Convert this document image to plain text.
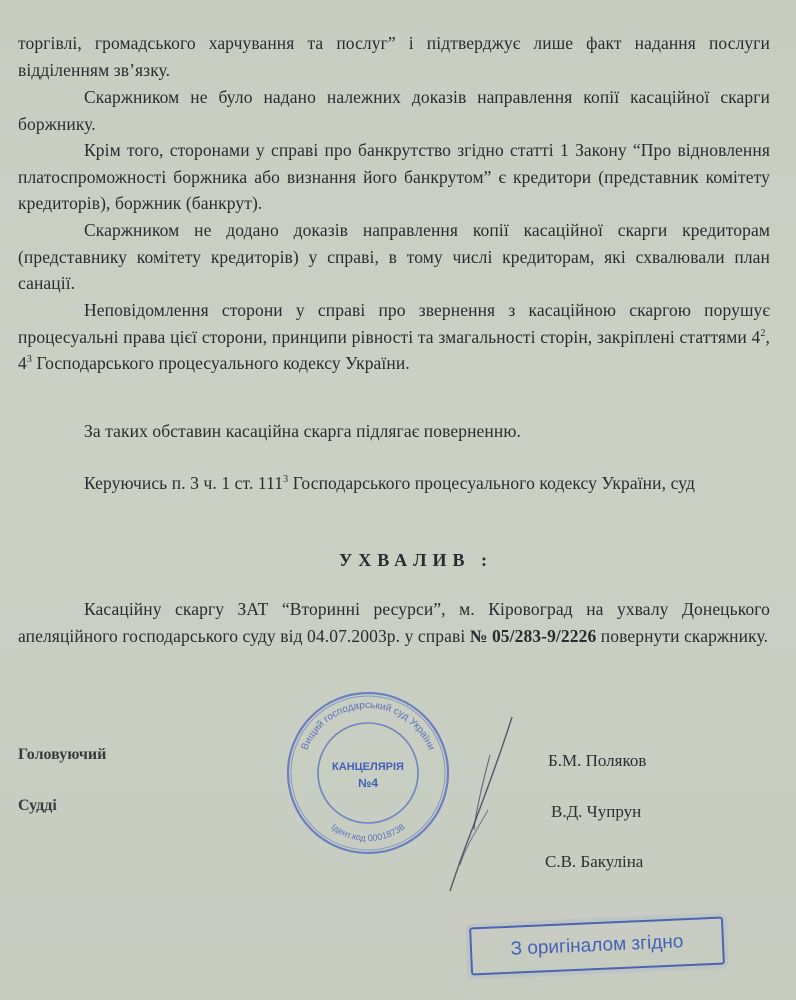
торгівлі, громадського харчування та послуг” і підтверджує лише факт надання послуги відділенням зв’язку.
Скаржником не було надано належних доказів направлення копії касаційної скарги боржнику.
Крім того, сторонами у справі про банкрутство згідно статті 1 Закону “Про відновлення платоспроможності боржника або визнання його банкрутом” є кредитори (представник комітету кредиторів), боржник (банкрут).
Скаржником не додано доказів направлення копії касаційної скарги кредиторам (представнику комітету кредиторів) у справі, в тому числі кредиторам, які схвалювали план санації.
Неповідомлення сторони у справі про звернення з касаційною скаргою порушує процесуальні права цієї сторони, принципи рівності та змагальності сторін, закріплені статтями $4^2$, $4^3$ Господарського процесуального кодексу України.
За таких обставин касаційна скарга підлягає поверненню.
Керуючись п. 3 ч. 1 ст. $111^3$ Господарського процесуального кодексу України, суд
УХВАЛИВ :
Касаційну скаргу ЗАТ “Вторинні ресурси”, м. Кіровоград на ухвалу Донецького апеляційного господарського суду від 04.07.2003р. у справі № 05/283-9/2226 повернути скаржнику.
Головуючий
Судді
Б.М. Поляков
В.Д. Чупрун
С.В. Бакуліна
Вищий господарський суд України
Ідент.код 00018738
КАНЦЕЛЯРІЯ
№4
З оригіналом згідно
